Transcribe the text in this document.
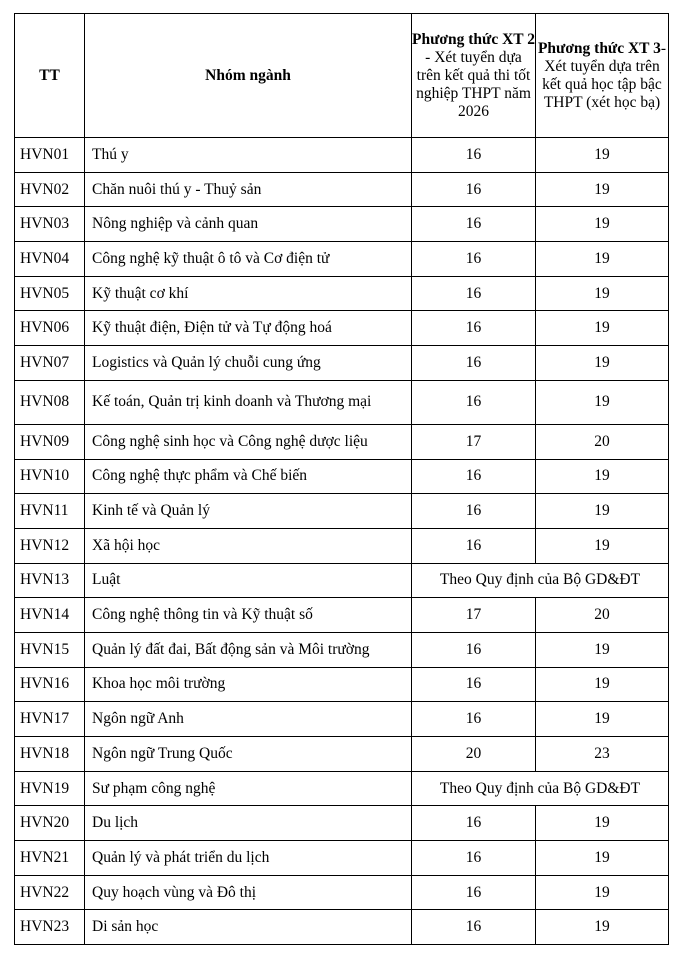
TT	Nhóm ngành	Phương thức XT 2 - Xét tuyển dựa trên kết quả thi tốt nghiệp THPT năm 2026	Phương thức XT 3-Xét tuyển dựa trên kết quả học tập bậc THPT (xét học bạ)
HVN01	Thú y	16	19
HVN02	Chăn nuôi thú y - Thuỷ sản	16	19
HVN03	Nông nghiệp và cảnh quan	16	19
HVN04	Công nghệ kỹ thuật ô tô và Cơ điện tử	16	19
HVN05	Kỹ thuật cơ khí	16	19
HVN06	Kỹ thuật điện, Điện tử và Tự động hoá	16	19
HVN07	Logistics và Quản lý chuỗi cung ứng	16	19
HVN08	Kế toán, Quản trị kinh doanh và Thương mại	16	19
HVN09	Công nghệ sinh học và Công nghệ dược liệu	17	20
HVN10	Công nghệ thực phẩm và Chế biến	16	19
HVN11	Kinh tế và Quản lý	16	19
HVN12	Xã hội học	16	19
HVN13	Luật	Theo Quy định của Bộ GD&ĐT	
HVN14	Công nghệ thông tin và Kỹ thuật số	17	20
HVN15	Quản lý đất đai, Bất động sản và Môi trường	16	19
HVN16	Khoa học môi trường	16	19
HVN17	Ngôn ngữ Anh	16	19
HVN18	Ngôn ngữ Trung Quốc	20	23
HVN19	Sư phạm công nghệ	Theo Quy định của Bộ GD&ĐT	
HVN20	Du lịch	16	19
HVN21	Quản lý và phát triển du lịch	16	19
HVN22	Quy hoạch vùng và Đô thị	16	19
HVN23	Di sản học	16	19
